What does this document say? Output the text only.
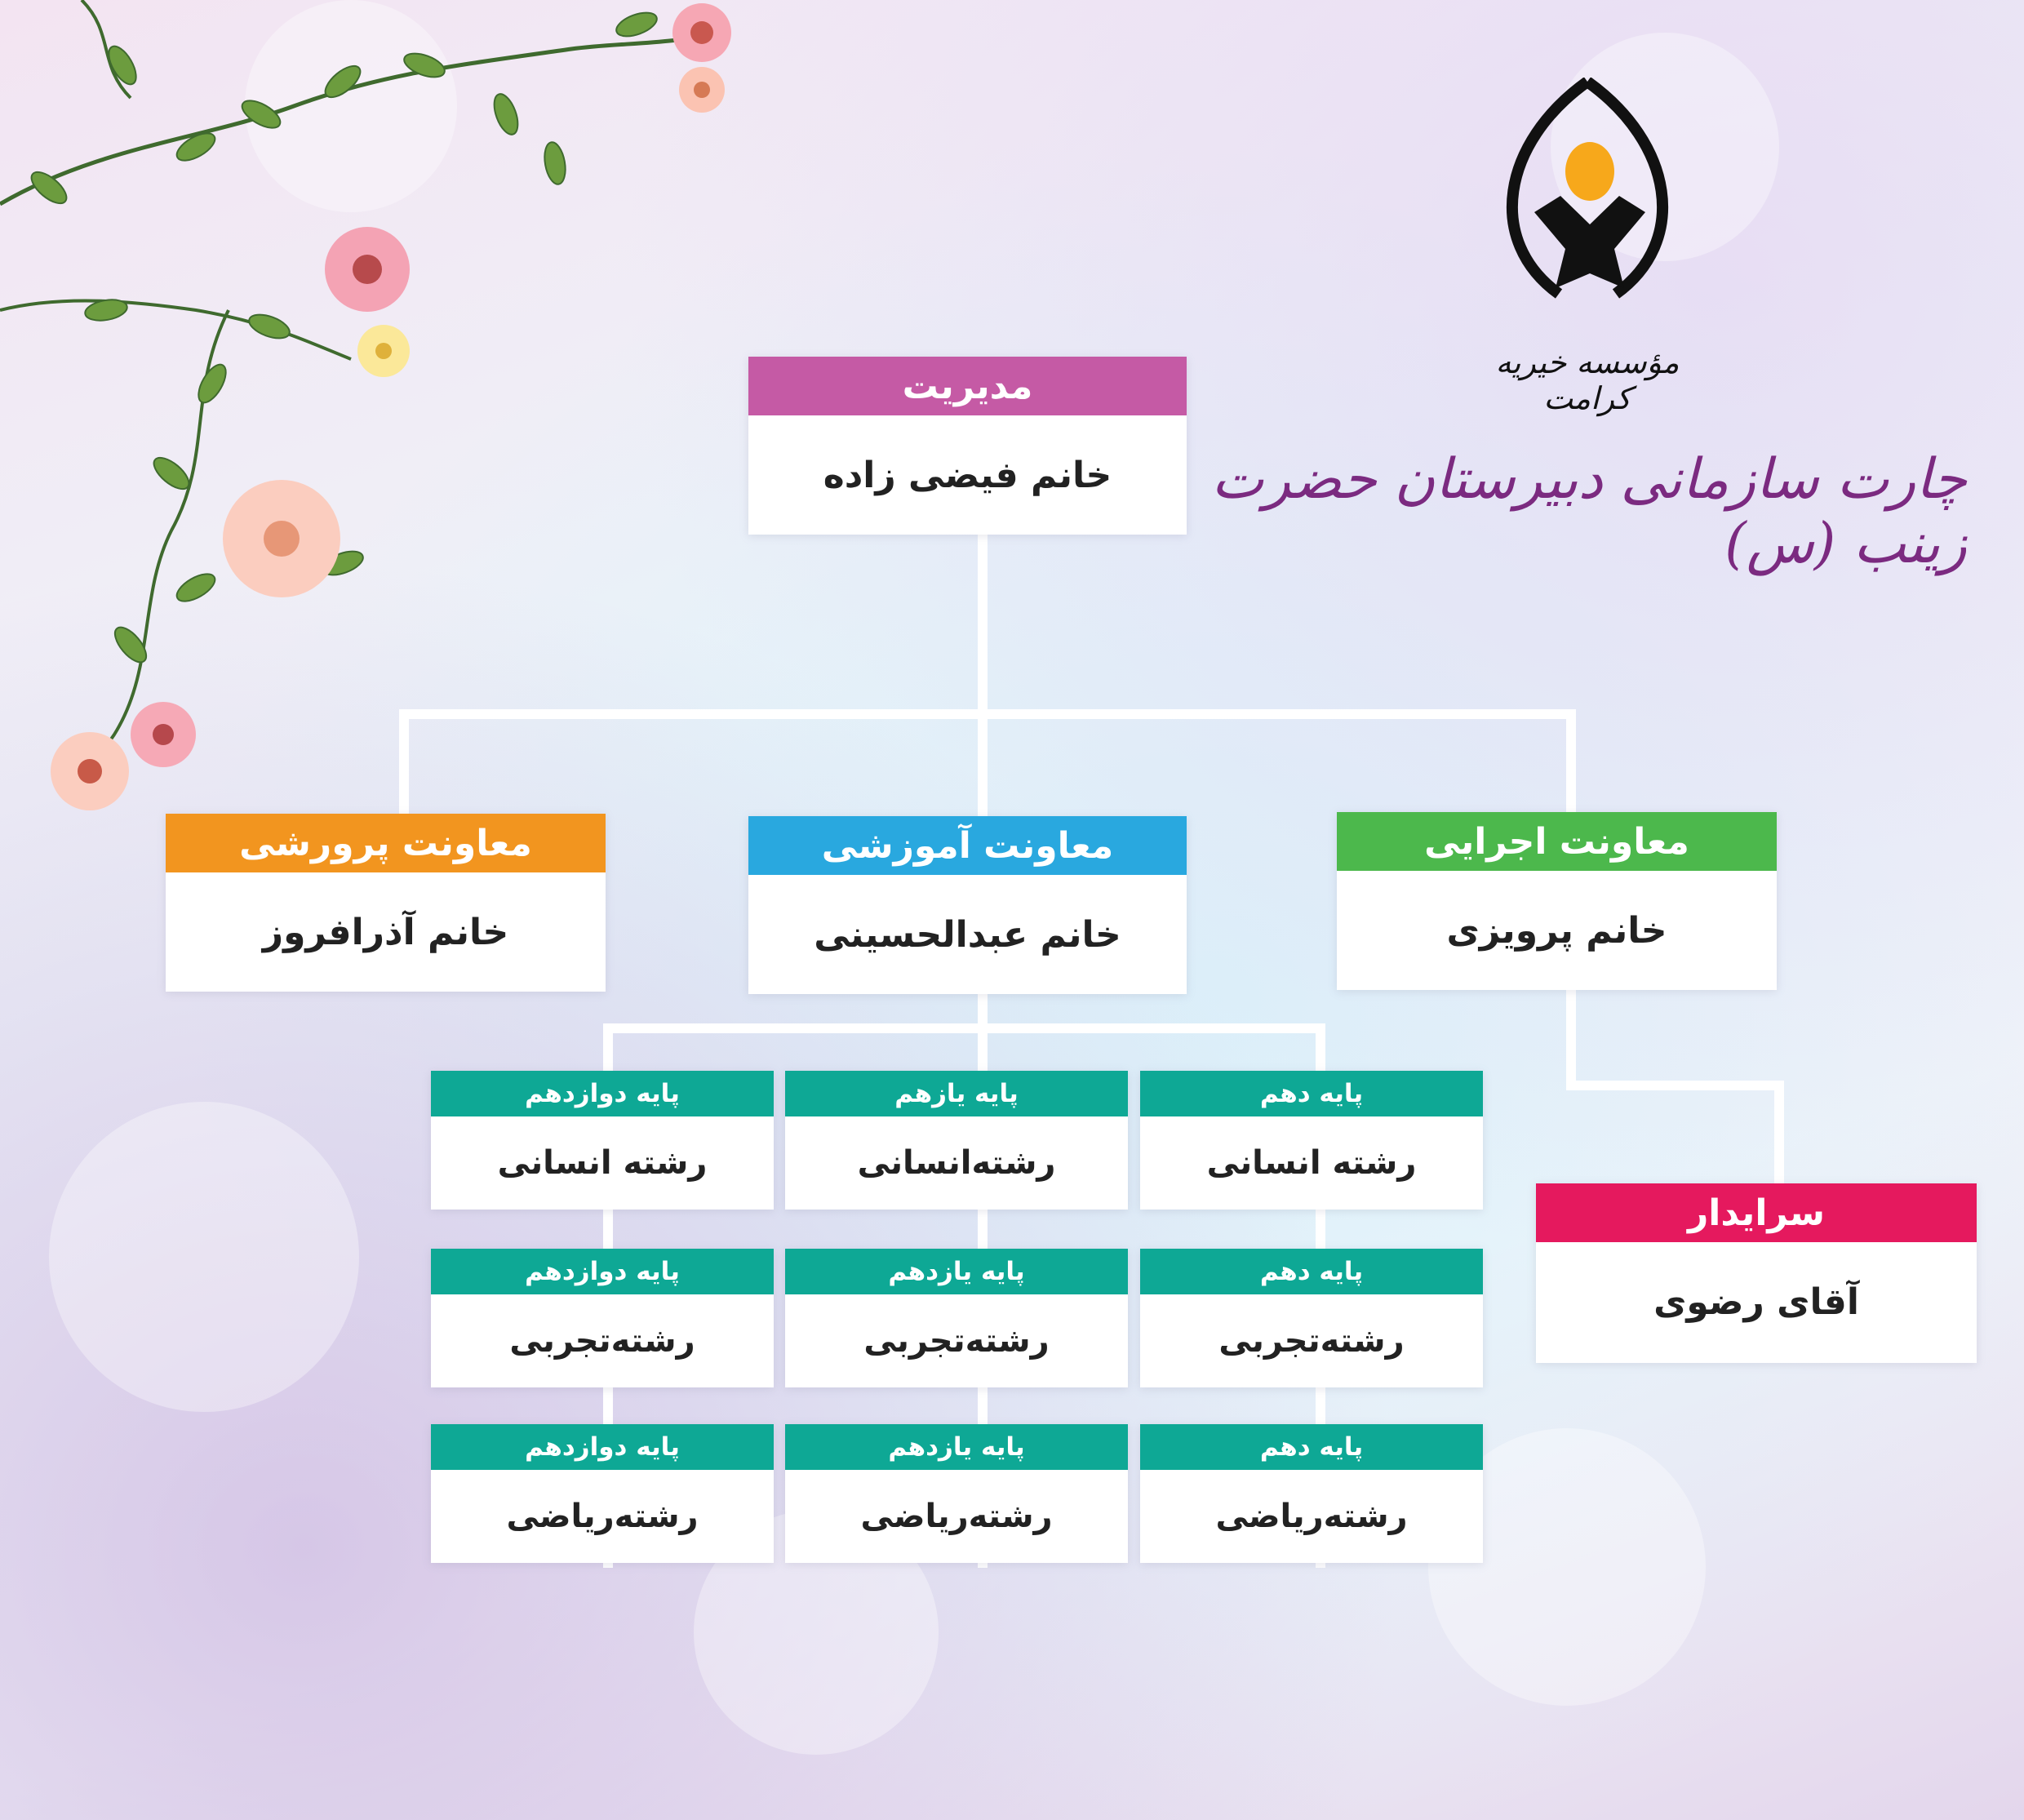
مؤسسه خیریه کرامت
چارت سازمانی دبیرستان حضرت زینب (س)
مدیریت
خانم فیضی زاده
معاونت پرورشی
خانم آذرافروز
معاونت آموزشی
خانم عبدالحسینی
معاونت اجرایی
خانم پرویزی
سرایدار
آقای رضوی
پایه دوازدهم
رشته انسانی
پایه یازهم
رشته‌انسانی
پایه دهم
رشته انسانی
پایه دوازدهم
رشته‌تجربی
پایه یازدهم
رشته‌تجربی
پایه دهم
رشته‌تجربی
پایه دوازدهم
رشته‌ریاضی
پایه یازدهم
رشته‌ریاضی
پایه دهم
رشته‌ریاضی
